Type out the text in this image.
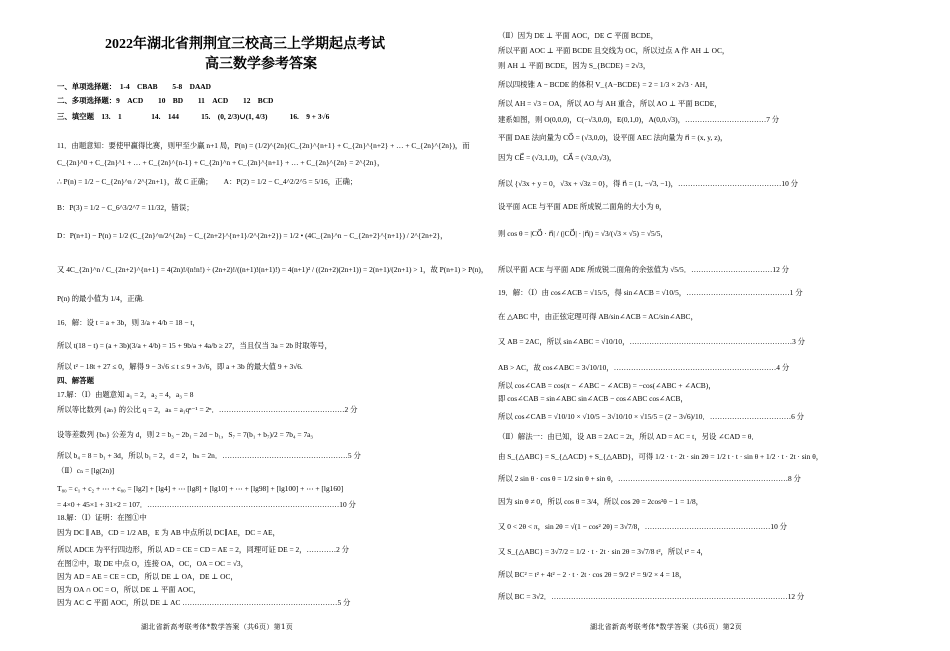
2022年湖北省荆荆宜三校高三上学期起点考试
高三数学参考答案
一、单项选择题：　1-4　CBAB　　5-8　DAAD
二、多项选择题：9　ACD　　10　BD　　11　ACD　　12　BCD
三、填空题　13.　1　　　　14.　144　　　15.　(0, 2/3)∪(1, 4/3)　　　16.　9 + 3√6
11．由题意知：要使甲赢得比赛，则甲至少赢 n+1 局，P(n) = (1/2)^{2n}(C_{2n}^{n+1} + C_{2n}^{n+2} + … + C_{2n}^{2n})，而
C_{2n}^0 + C_{2n}^1 + … + C_{2n}^{n-1} + C_{2n}^n + C_{2n}^{n+1} + … + C_{2n}^{2n} = 2^{2n}，
∴ P(n) = 1/2 − C_{2n}^n / 2^{2n+1}，故 C 正确；　　A：P(2) = 1/2 − C_4^2/2^5 = 5/16，正确；
B：P(3) = 1/2 − C_6^3/2^7 = 11/32，错误；
D：P(n+1) − P(n) = 1/2 (C_{2n}^n/2^{2n} − C_{2n+2}^{n+1}/2^{2n+2}) = 1/2 • (4C_{2n}^n − C_{2n+2}^{n+1}) / 2^{2n+2}，
又 4C_{2n}^n / C_{2n+2}^{n+1} = 4(2n)!/(n!n!) ÷ (2n+2)!/((n+1)!(n+1)!) = 4(n+1)² / ((2n+2)(2n+1)) = 2(n+1)/(2n+1) > 1，故 P(n+1) > P(n)，
P(n) 的最小值为 1/4，正确.
16．解：设 t = a + 3b，则 3/a + 4/b = 18 − t，
所以 t(18 − t) = (a + 3b)(3/a + 4/b) = 15 + 9b/a + 4a/b ≥ 27，当且仅当 3a = 2b 时取等号，
所以 t² − 18t + 27 ≤ 0，解得 9 − 3√6 ≤ t ≤ 9 + 3√6，即 a + 3b 的最大值 9 + 3√6.
四、解答题
17.解：（Ⅰ）由题意知 a₁ = 2，a₂ = 4，a₃ = 8
所以等比数列 {aₙ} 的公比 q = 2，aₙ = a₁qⁿ⁻¹ = 2ⁿ．……………………………………………2 分
设等差数列 {bₙ} 公差为 d，则 2 = b₃ − 2b₁ = 2d − b₁，S₇ = 7(b₁ + b₇)/2 = 7b₄ = 7a₃
所以 b₄ = 8 = b₁ + 3d，所以 b₁ = 2，d = 2，bₙ = 2n．……………………………………………5 分
（Ⅱ）cₙ = [lg(2n)]
T₈₀ = c₁ + c₂ + ⋯ + c₈₀ = [lg2] + [lg4] + ⋯ [lg8] + [lg10] + ⋯ + [lg98] + [lg100] + ⋯ + [lg160]
= 4×0 + 45×1 + 31×2 = 107．……………………………………………………………………10 分
18.解：（Ⅰ）证明：在图①中
因为 DC ∥ AB，CD = 1/2 AB，E 为 AB 中点所以 DC∥AE，DC = AE，
所以 ADCE 为平行四边形，所以 AD = CE = CD = AE = 2，同理可证 DE = 2，…………2 分
在图②中，取 DE 中点 O，连接 OA，OC，OA = OC = √3，
因为 AD = AE = CE = CD，所以 DE ⊥ OA，DE ⊥ OC，
因为 OA ∩ OC = O，所以 DE ⊥ 平面 AOC，
因为 AC ⊂ 平面 AOC，所以 DE ⊥ AC ………………………………………………………5 分
湖北省新高考联考体*数学答案（共6页）第1页
（Ⅱ）因为 DE ⊥ 平面 AOC，DE ⊂ 平面 BCDE，
所以平面 AOC ⊥ 平面 BCDE 且交线为 OC，所以过点 A 作 AH ⊥ OC，
则 AH ⊥ 平面 BCDE，因为 S_{BCDE} = 2√3，
所以四棱锥 A − BCDE 的体积 V_{A−BCDE} = 2 = 1/3 × 2√3 · AH，
所以 AH = √3 = OA，所以 AO 与 AH 重合，所以 AO ⊥ 平面 BCDE，
建系如图，则 O(0,0,0)，C(−√3,0,0)，E(0,1,0)，A(0,0,√3)，……………………………7 分
平面 DAE 法向量为 CO⃗ = (√3,0,0)，设平面 AEC 法向量为 n⃗ = (x, y, z)，
因为 CE⃗ = (√3,1,0)，CA⃗ = (√3,0,√3)，
所以 {√3x + y = 0，√3x + √3z = 0}，得 n⃗ = (1, −√3, −1)，……………………………………10 分
设平面 ACE 与平面 ADE 所成锐二面角的大小为 θ，
则 cos θ = |CO⃗ · n⃗| / (|CO⃗| · |n⃗|) = √3/(√3 × √5) = √5/5，
所以平面 ACE 与平面 ADE 所成锐二面角的余弦值为 √5/5．……………………………12 分
19．解：（Ⅰ）由 cos∠ACB = √15/5，得 sin∠ACB = √10/5，……………………………………1 分
在 △ABC 中，由正弦定理可得 AB/sin∠ACB = AC/sin∠ABC，
又 AB = 2AC，所以 sin∠ABC = √10/10，…………………………………………………………3 分
AB > AC，故 cos∠ABC = 3√10/10，…………………………………………………………4 分
所以 cos∠CAB = cos(π − ∠ABC − ∠ACB) = −cos(∠ABC + ∠ACB)，
即 cos∠CAB = sin∠ABC sin∠ACB − cos∠ABC cos∠ACB，
所以 cos∠CAB = √10/10 × √10/5 − 3√10/10 × √15/5 = (2 − 3√6)/10．……………………………6 分
（Ⅱ）解法一：由已知，设 AB = 2AC = 2t，所以 AD = AC = t，另设 ∠CAD = θ．
由 S_{△ABC} = S_{△ACD} + S_{△ABD}，可得 1/2 · t · 2t · sin 2θ = 1/2 t · t · sin θ + 1/2 · t · 2t · sin θ，
所以 2 sin θ · cos θ = 1/2 sin θ + sin θ，……………………………………………………………8 分
因为 sin θ ≠ 0，所以 cos θ = 3/4，所以 cos 2θ = 2cos²θ − 1 = 1/8，
又 0 < 2θ < π，sin 2θ = √(1 − cos² 2θ) = 3√7/8，……………………………………………10 分
又 S_{△ABC} = 3√7/2 = 1/2 · t · 2t · sin 2θ = 3√7/8 t²，所以 t² = 4，
所以 BC² = t² + 4t² − 2 · t · 2t · cos 2θ = 9/2 t² = 9/2 × 4 = 18，
所以 BC = 3√2．……………………………………………………………………………………12 分
湖北省新高考联考体*数学答案（共6页）第2页
